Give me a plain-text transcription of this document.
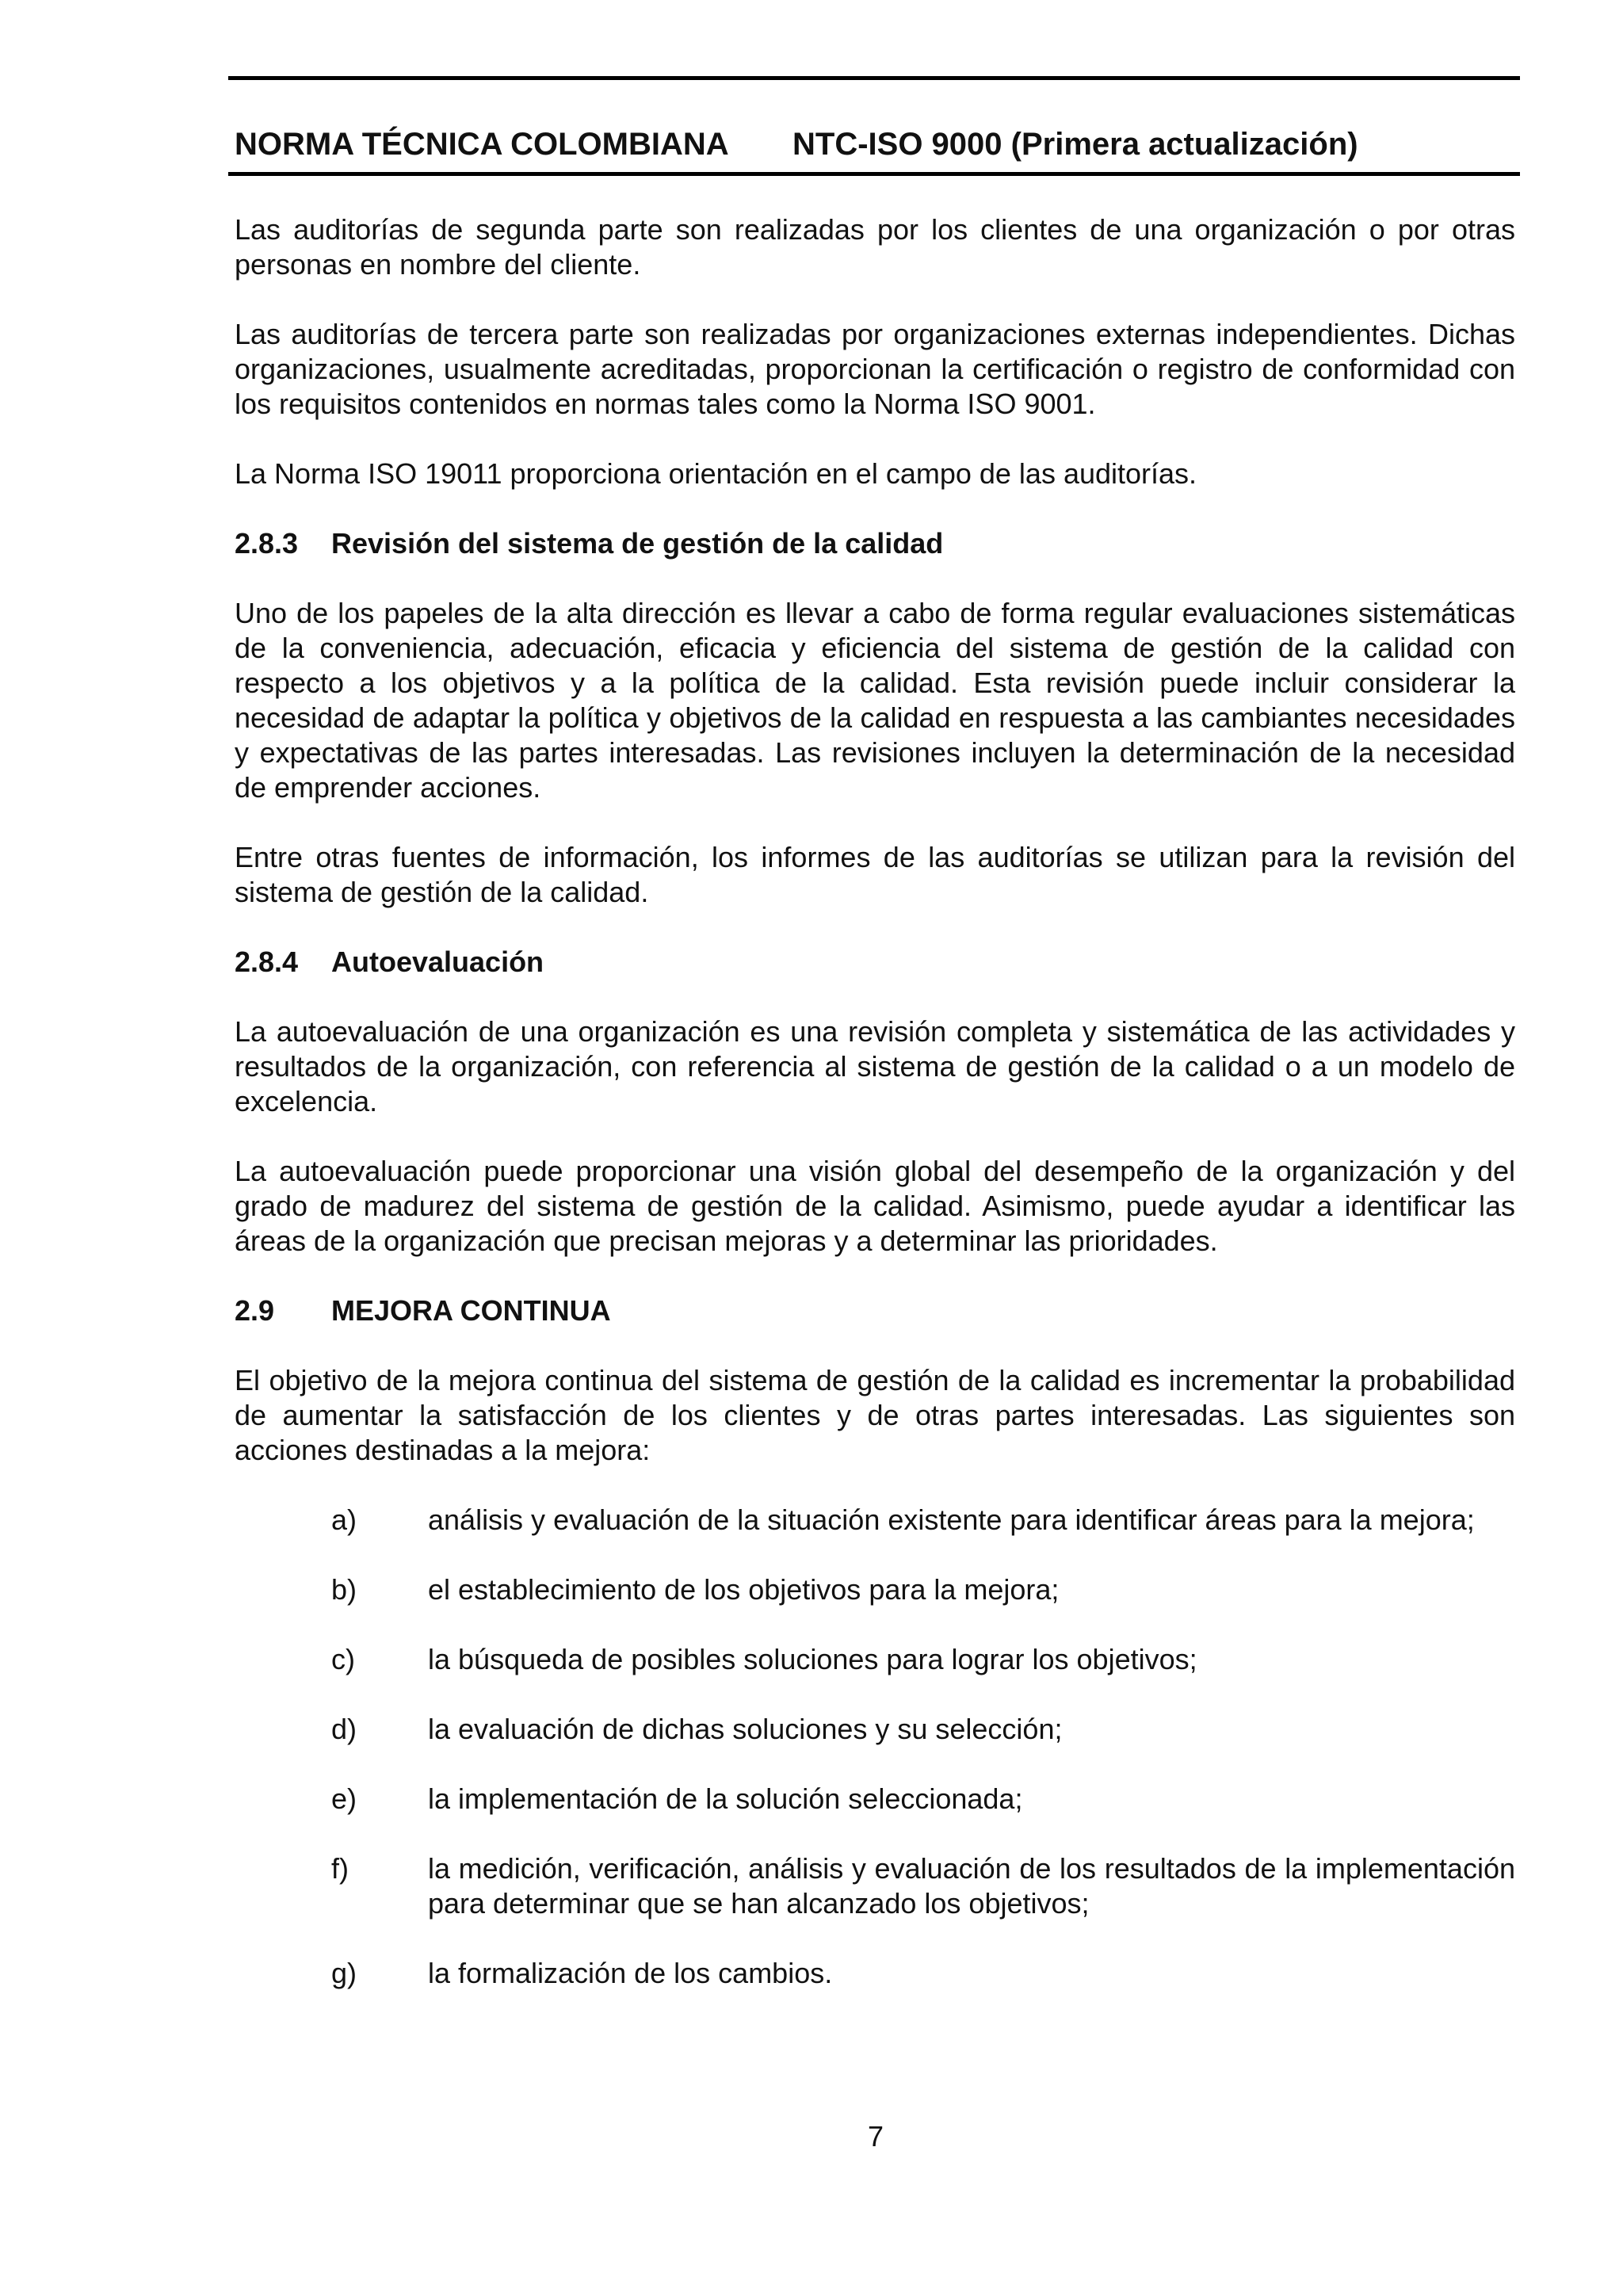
NORMA TÉCNICA COLOMBIANA NTC-ISO 9000 (Primera actualización)

Las auditorías de segunda parte son realizadas por los clientes de una organización o por otras personas en nombre del cliente.

Las auditorías de tercera parte son realizadas por organizaciones externas independientes. Dichas organizaciones, usualmente acreditadas, proporcionan la certificación o registro de conformidad con los requisitos contenidos en normas tales como la Norma ISO 9001.

La Norma ISO 19011 proporciona orientación en el campo de las auditorías.

2.8.3	Revisión del sistema de gestión de la calidad

Uno de los papeles de la alta dirección es llevar a cabo de forma regular evaluaciones sistemáticas de la conveniencia, adecuación, eficacia y eficiencia del sistema de gestión de la calidad con respecto a los objetivos y a la política de la calidad. Esta revisión puede incluir considerar la necesidad de adaptar la política y objetivos de la calidad en respuesta a las cambiantes necesidades y expectativas de las partes interesadas. Las revisiones incluyen la determinación de la necesidad de emprender acciones.

Entre otras fuentes de información, los informes de las auditorías se utilizan para la revisión del sistema de gestión de la calidad.

2.8.4	Autoevaluación

La autoevaluación de una organización es una revisión completa y sistemática de las actividades y resultados de la organización, con referencia al sistema de gestión de la calidad o a un modelo de excelencia.

La autoevaluación puede proporcionar una visión global del desempeño de la organización y del grado de madurez del sistema de gestión de la calidad. Asimismo, puede ayudar a identificar las áreas de la organización que precisan mejoras y a determinar las prioridades.

2.9	MEJORA CONTINUA

El objetivo de la mejora continua del sistema de gestión de la calidad es incrementar la probabilidad de aumentar la satisfacción de los clientes y de otras partes interesadas. Las siguientes son acciones destinadas a la mejora:

a)	análisis y evaluación de la situación existente para identificar áreas para la mejora;
b)	el establecimiento de los objetivos para la mejora;
c)	la búsqueda de posibles soluciones para lograr los objetivos;
d)	la evaluación de dichas soluciones y su selección;
e)	la implementación de la solución seleccionada;
f)	la medición, verificación, análisis y evaluación de los resultados de la implementación para determinar que se han alcanzado los objetivos;
g)	la formalización de los cambios.
7
